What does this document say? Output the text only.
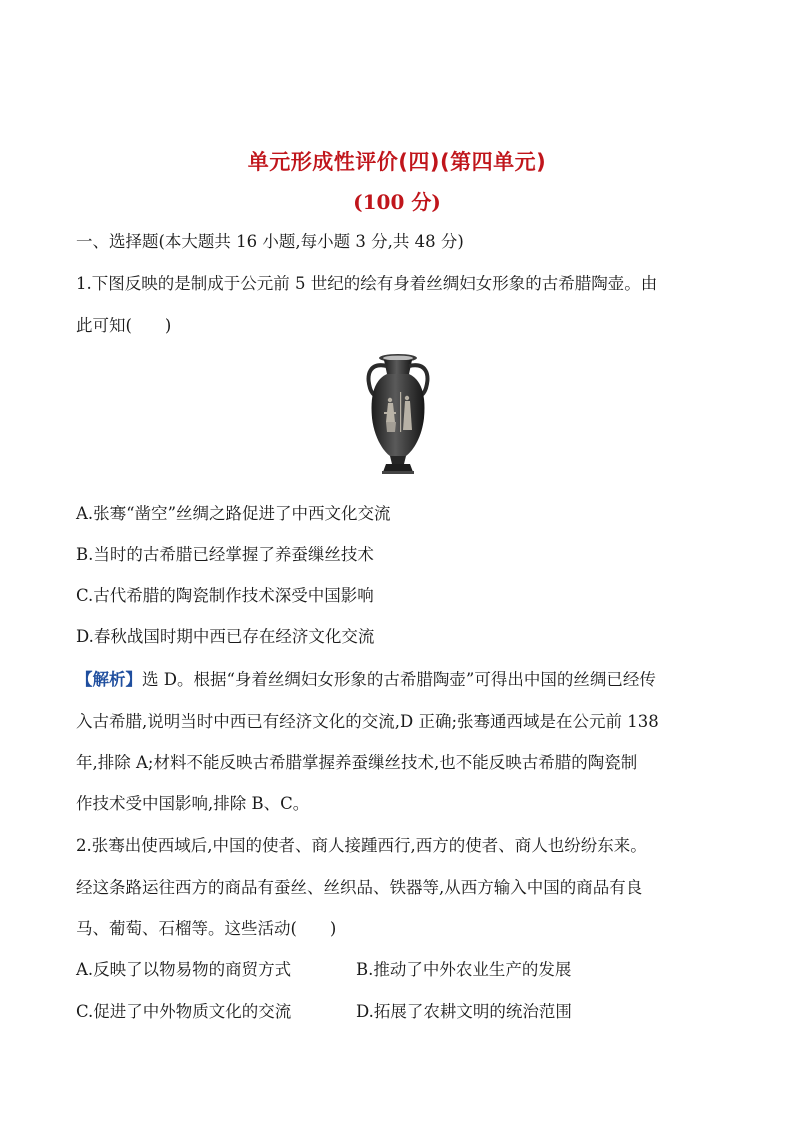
单元形成性评价(四)(第四单元)
(100 分)
一、选择题(本大题共 16 小题,每小题 3 分,共 48 分)
1.下图反映的是制成于公元前 5 世纪的绘有身着丝绸妇女形象的古希腊陶壶。由
此可知(　　)
A.张骞“凿空”丝绸之路促进了中西文化交流
B.当时的古希腊已经掌握了养蚕缫丝技术
C.古代希腊的陶瓷制作技术深受中国影响
D.春秋战国时期中西已存在经济文化交流
【解析】选 D。根据“身着丝绸妇女形象的古希腊陶壶”可得出中国的丝绸已经传
入古希腊,说明当时中西已有经济文化的交流,D 正确;张骞通西域是在公元前 138
年,排除 A;材料不能反映古希腊掌握养蚕缫丝技术,也不能反映古希腊的陶瓷制
作技术受中国影响,排除 B、C。
2.张骞出使西域后,中国的使者、商人接踵西行,西方的使者、商人也纷纷东来。
经这条路运往西方的商品有蚕丝、丝织品、铁器等,从西方输入中国的商品有良
马、葡萄、石榴等。这些活动(　　)
A.反映了以物易物的商贸方式	B.推动了中外农业生产的发展
C.促进了中外物质文化的交流	D.拓展了农耕文明的统治范围
